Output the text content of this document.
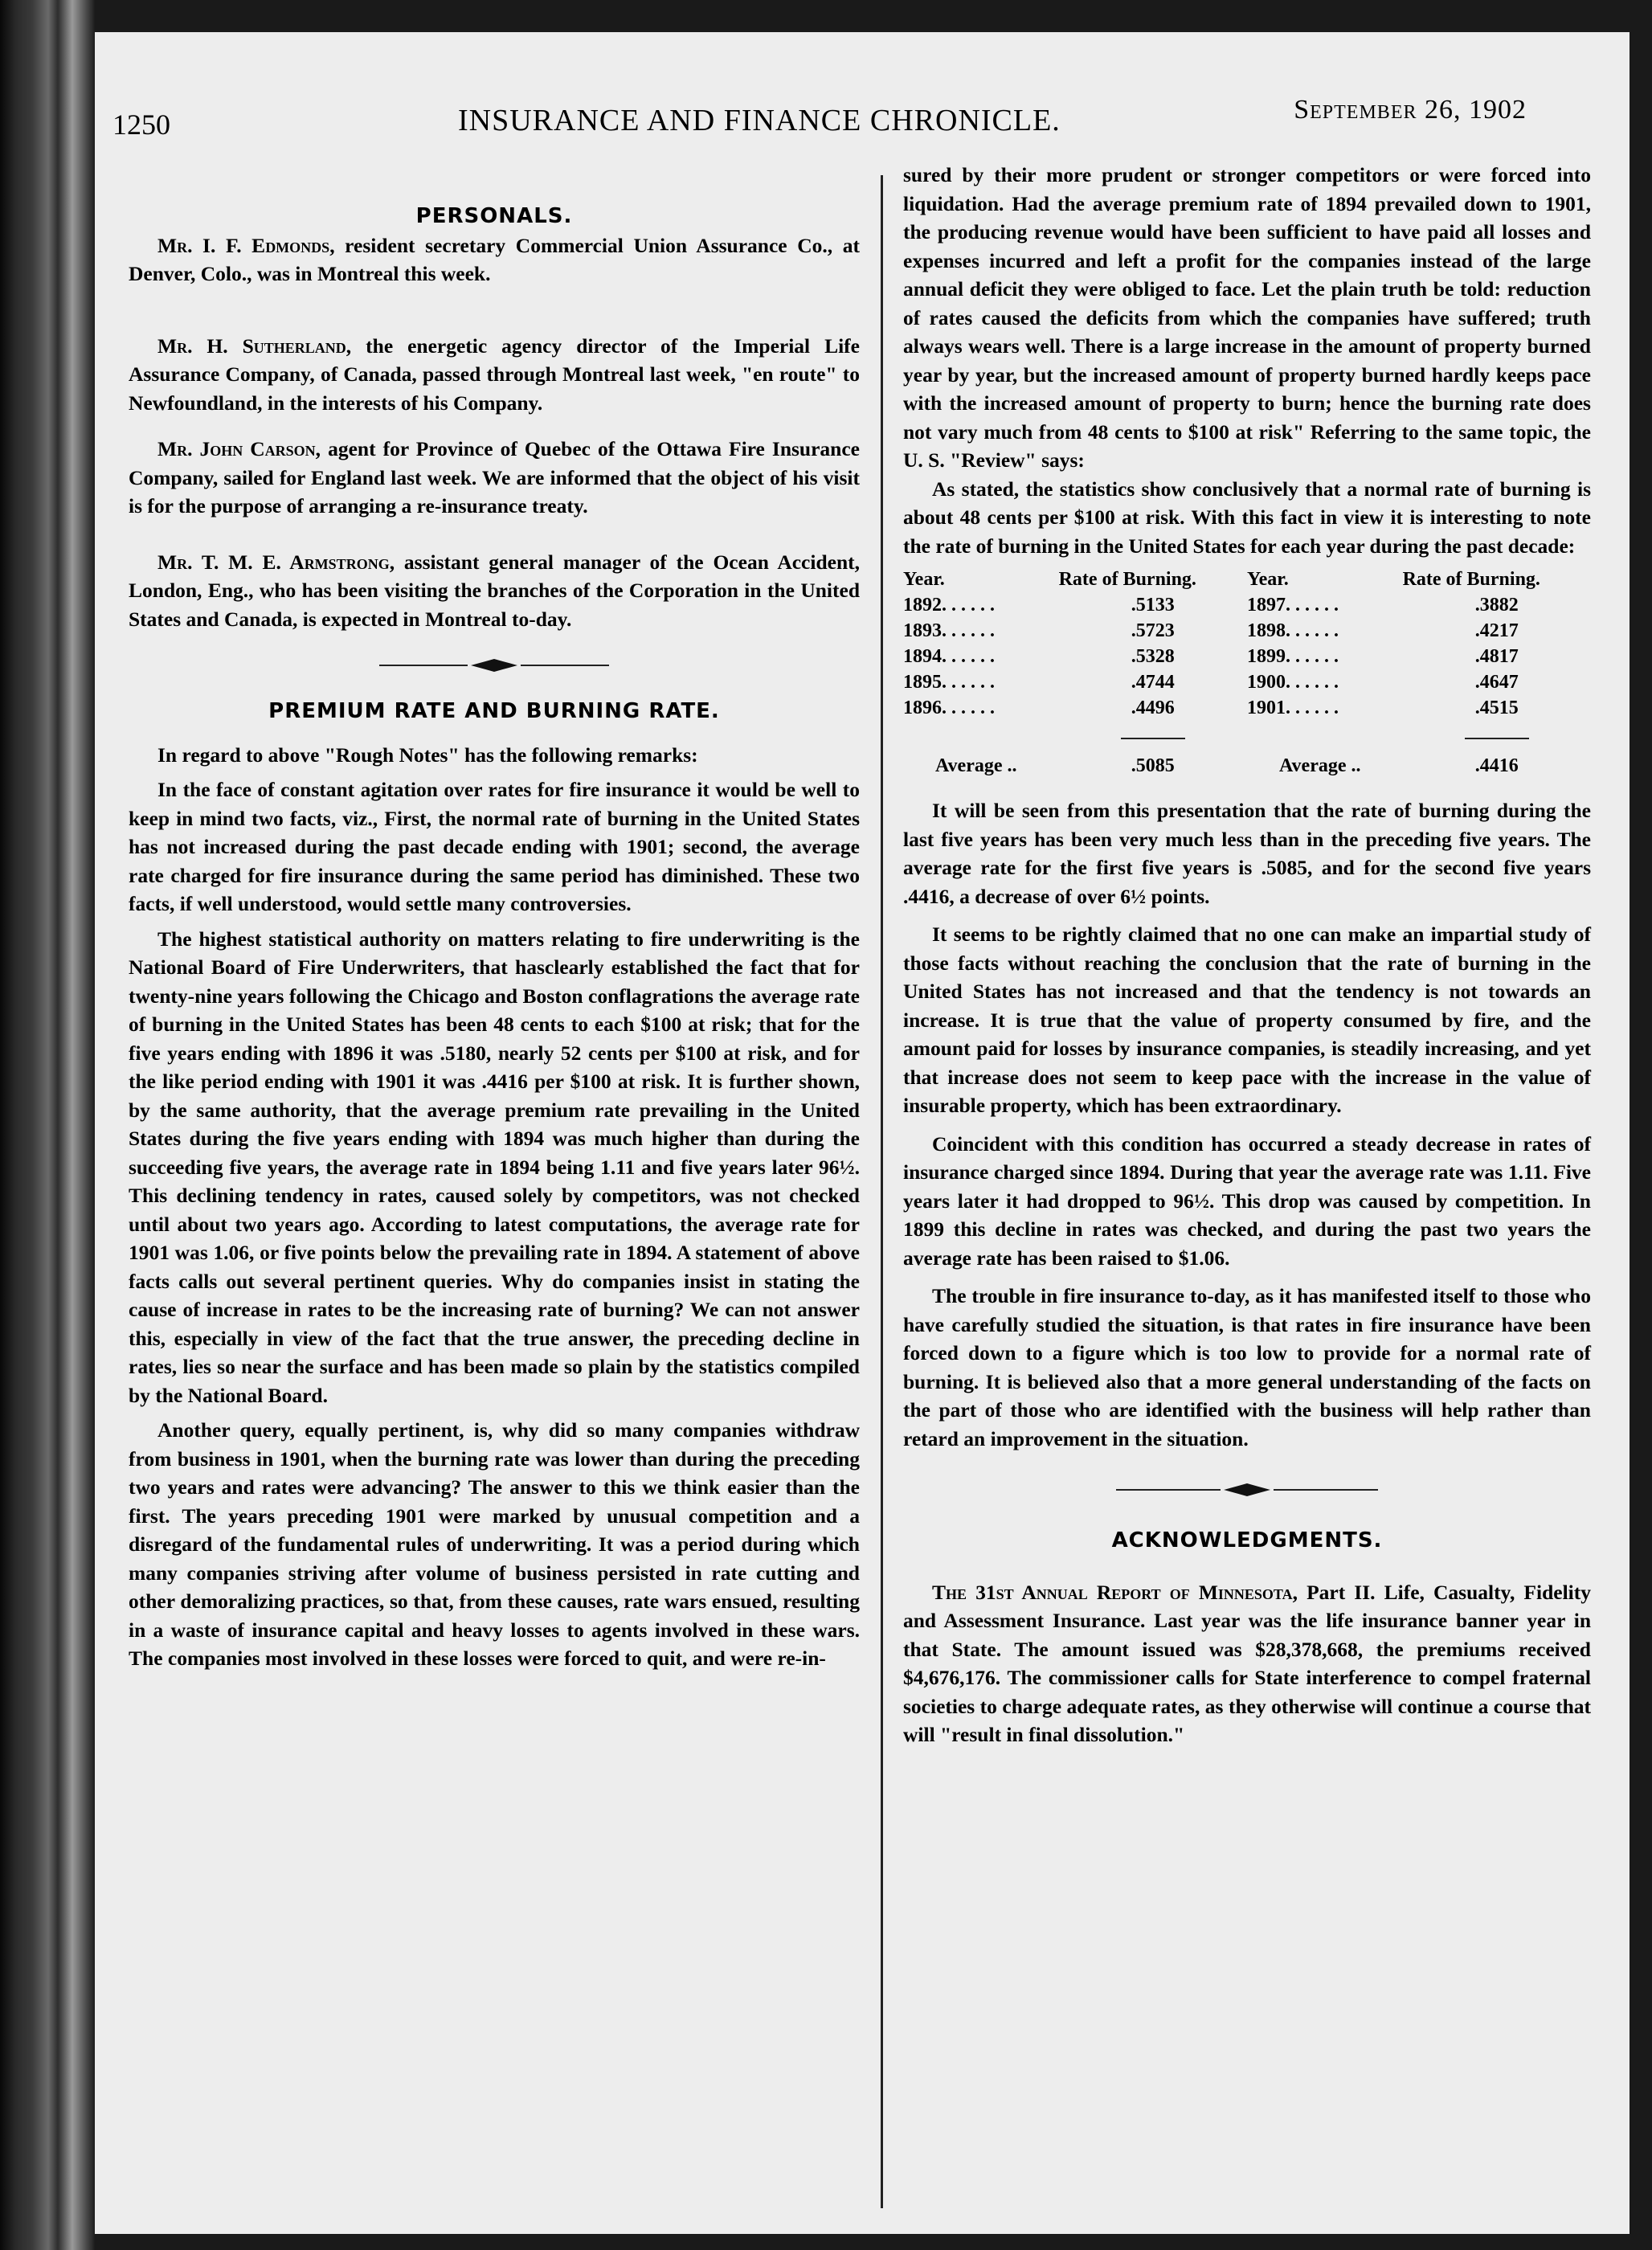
1250	INSURANCE AND FINANCE CHRONICLE.	September 26, 1902
PERSONALS.

Mr. I. F. Edmonds, resident secretary Commercial Union Assurance Co., at Denver, Colo., was in Montreal this week.

Mr. H. Sutherland, the energetic agency director of the Imperial Life Assurance Company, of Canada, passed through Montreal last week, "en route" to Newfoundland, in the interests of his Company.

Mr. John Carson, agent for Province of Quebec of the Ottawa Fire Insurance Company, sailed for England last week. We are informed that the object of his visit is for the purpose of arranging a re-insurance treaty.

Mr. T. M. E. Armstrong, assistant general manager of the Ocean Accident, London, Eng., who has been visiting the branches of the Corporation in the United States and Canada, is expected in Montreal to-day.

PREMIUM RATE AND BURNING RATE.

In regard to above "Rough Notes" has the following remarks:

In the face of constant agitation over rates for fire insurance it would be well to keep in mind two facts, viz., First, the normal rate of burning in the United States has not increased during the past decade ending with 1901; second, the average rate charged for fire insurance during the same period has diminished. These two facts, if well understood, would settle many controversies.

The highest statistical authority on matters relating to fire underwriting is the National Board of Fire Underwriters, that hasclearly established the fact that for twenty-nine years following the Chicago and Boston conflagrations the average rate of burning in the United States has been 48 cents to each $100 at risk; that for the five years ending with 1896 it was .5180, nearly 52 cents per $100 at risk, and for the like period ending with 1901 it was .4416 per $100 at risk. It is further shown, by the same authority, that the average premium rate prevailing in the United States during the five years ending with 1894 was much higher than during the succeeding five years, the average rate in 1894 being 1.11 and five years later 96½. This declining tendency in rates, caused solely by competitors, was not checked until about two years ago. According to latest computations, the average rate for 1901 was 1.06, or five points below the prevailing rate in 1894. A statement of above facts calls out several pertinent queries. Why do companies insist in stating the cause of increase in rates to be the increasing rate of burning? We can not answer this, especially in view of the fact that the true answer, the preceding decline in rates, lies so near the surface and has been made so plain by the statistics compiled by the National Board.

Another query, equally pertinent, is, why did so many companies withdraw from business in 1901, when the burning rate was lower than during the preceding two years and rates were advancing? The answer to this we think easier than the first. The years preceding 1901 were marked by unusual competition and a disregard of the fundamental rules of underwriting. It was a period during which many companies striving after volume of business persisted in rate cutting and other demoralizing practices, so that, from these causes, rate wars ensued, resulting in a waste of insurance capital and heavy losses to agents involved in these wars. The companies most involved in these losses were forced to quit, and were re-in-

sured by their more prudent or stronger competitors or were forced into liquidation. Had the average premium rate of 1894 prevailed down to 1901, the producing revenue would have been sufficient to have paid all losses and expenses incurred and left a profit for the companies instead of the large annual deficit they were obliged to face. Let the plain truth be told: reduction of rates caused the deficits from which the companies have suffered; truth always wears well. There is a large increase in the amount of property burned year by year, but the increased amount of property burned hardly keeps pace with the increased amount of property to burn; hence the burning rate does not vary much from 48 cents to $100 at risk" Referring to the same topic, the U. S. "Review" says:

As stated, the statistics show conclusively that a normal rate of burning is about 48 cents per $100 at risk. With this fact in view it is interesting to note the rate of burning in the United States for each year during the past decade:

Year.	Rate of Burning.	Year.	Rate of Burning.
1892. . . . . .	.5133	1897. . . . . .	.3882
1893. . . . . .	.5723	1898. . . . . .	.4217
1894. . . . . .	.5328	1899. . . . . .	.4817
1895. . . . . .	.4744	1900. . . . . .	.4647
1896. . . . . .	.4496	1901. . . . . .	.4515

Average ..	.5085	Average ..	.4416

It will be seen from this presentation that the rate of burning during the last five years has been very much less than in the preceding five years. The average rate for the first five years is .5085, and for the second five years .4416, a decrease of over 6½ points.

It seems to be rightly claimed that no one can make an impartial study of those facts without reaching the conclusion that the rate of burning in the United States has not increased and that the tendency is not towards an increase. It is true that the value of property consumed by fire, and the amount paid for losses by insurance companies, is steadily increasing, and yet that increase does not seem to keep pace with the increase in the value of insurable property, which has been extraordinary.

Coincident with this condition has occurred a steady decrease in rates of insurance charged since 1894. During that year the average rate was 1.11. Five years later it had dropped to 96½. This drop was caused by competition. In 1899 this decline in rates was checked, and during the past two years the average rate has been raised to $1.06.

The trouble in fire insurance to-day, as it has manifested itself to those who have carefully studied the situation, is that rates in fire insurance have been forced down to a figure which is too low to provide for a normal rate of burning. It is believed also that a more general understanding of the facts on the part of those who are identified with the business will help rather than retard an improvement in the situation.

ACKNOWLEDGMENTS.

The 31st Annual Report of Minnesota, Part II. Life, Casualty, Fidelity and Assessment Insurance. Last year was the life insurance banner year in that State. The amount issued was $28,378,668, the premiums received $4,676,176. The commissioner calls for State interference to compel fraternal societies to charge adequate rates, as they otherwise will continue a course that will "result in final dissolution."
